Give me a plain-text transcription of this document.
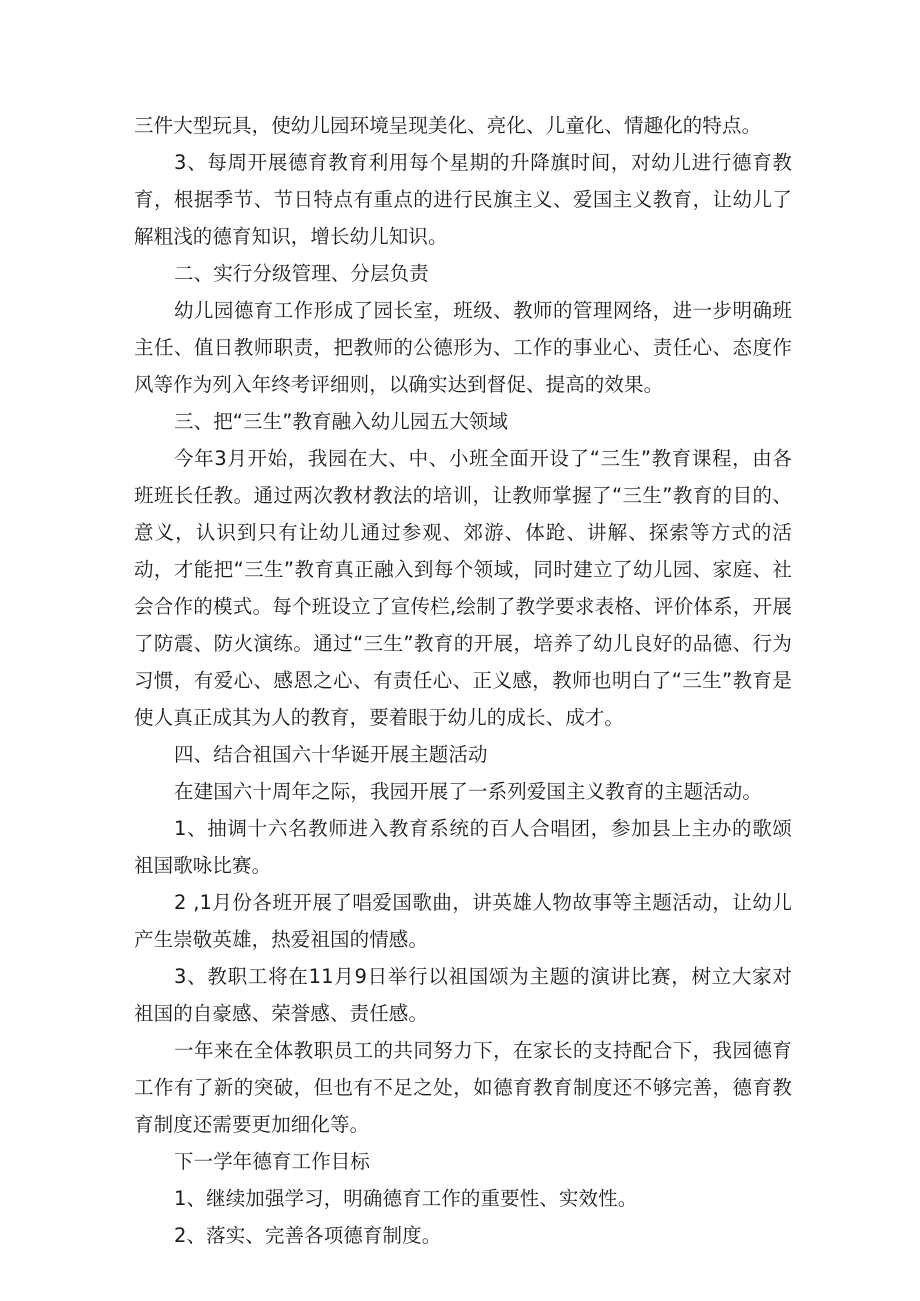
三件大型玩具，使幼儿园环境呈现美化、亮化、儿童化、情趣化的特点。

3、每周开展德育教育利用每个星期的升降旗时间，对幼儿进行德育教育，根据季节、节日特点有重点的进行民旗主义、爱国主义教育，让幼儿了解粗浅的德育知识，增长幼儿知识。

二、实行分级管理、分层负责

幼儿园德育工作形成了园长室，班级、教师的管理网络，进一步明确班主任、值日教师职责，把教师的公德形为、工作的事业心、责任心、态度作风等作为列入年终考评细则，以确实达到督促、提高的效果。

三、把“三生”教育融入幼儿园五大领域

今年3月开始，我园在大、中、小班全面开设了“三生”教育课程，由各班班长任教。通过两次教材教法的培训，让教师掌握了“三生”教育的目的、意义，认识到只有让幼儿通过参观、郊游、体跄、讲解、探索等方式的活动，才能把“三生”教育真正融入到每个领域，同时建立了幼儿园、家庭、社会合作的模式。每个班设立了宣传栏,绘制了教学要求表格、评价体系，开展了防震、防火演练。通过“三生”教育的开展，培养了幼儿良好的品德、行为习惯，有爱心、感恩之心、有责任心、正义感，教师也明白了“三生”教育是使人真正成其为人的教育，要着眼于幼儿的成长、成才。

四、结合祖国六十华诞开展主题活动

在建国六十周年之际，我园开展了一系列爱国主义教育的主题活动。

1、抽调十六名教师进入教育系统的百人合唱团，参加县上主办的歌颂祖国歌咏比赛。

2 ,1月份各班开展了唱爱国歌曲，讲英雄人物故事等主题活动，让幼儿产生崇敬英雄，热爱祖国的情感。

3、教职工将在11月9日举行以祖国颂为主题的演讲比赛，树立大家对祖国的自豪感、荣誉感、责任感。

一年来在全体教职员工的共同努力下，在家长的支持配合下，我园德育工作有了新的突破，但也有不足之处，如德育教育制度还不够完善，德育教育制度还需要更加细化等。

下一学年德育工作目标

1、继续加强学习，明确德育工作的重要性、实效性。

2、落实、完善各项德育制度。
